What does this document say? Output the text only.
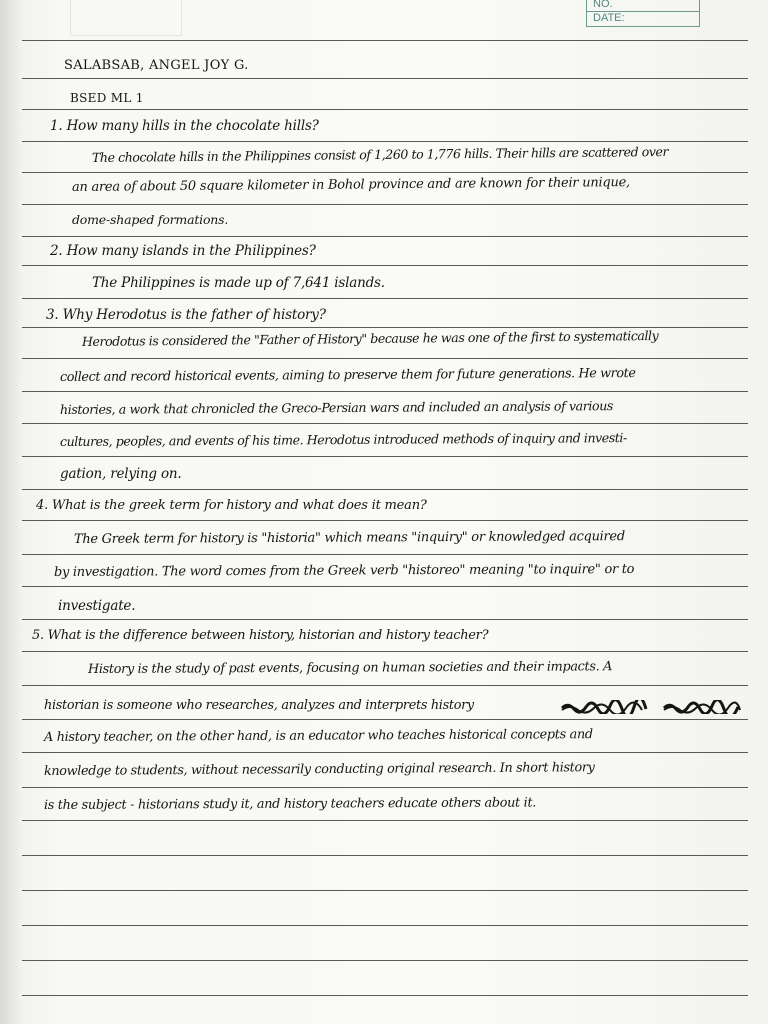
NO.
DATE:

SALABSAB, ANGEL JOY G.

BSED ML 1

1. How many hills in the chocolate hills?

The chocolate hills in the Philippines consist of 1,260 to 1,776 hills. Their hills are scattered over

an area of about 50 square kilometer in Bohol province and are known for their unique,

dome-shaped formations.

2. How many islands in the Philippines?

The Philippines is made up of 7,641 islands.

3. Why Herodotus is the father of history?

Herodotus is considered the "Father of History" because he was one of the first to systematically

collect and record historical events, aiming to preserve them for future generations. He wrote

histories, a work that chronicled the Greco-Persian wars and included an analysis of various

cultures, peoples, and events of his time. Herodotus introduced methods of inquiry and investi-

gation, relying on.

4. What is the greek term for history and what does it mean?

The Greek term for history is "historia" which means "inquiry" or knowledged acquired

by investigation. The word comes from the Greek verb "historeo" meaning "to inquire" or to

investigate.

5. What is the difference between history, historian and history teacher?

History is the study of past events, focusing on human societies and their impacts. A

historian is someone who researches, analyzes and interprets history

A history teacher, on the other hand, is an educator who teaches historical concepts and

knowledge to students, without necessarily conducting original research. In short history

is the subject - historians study it, and history teachers educate others about it.
